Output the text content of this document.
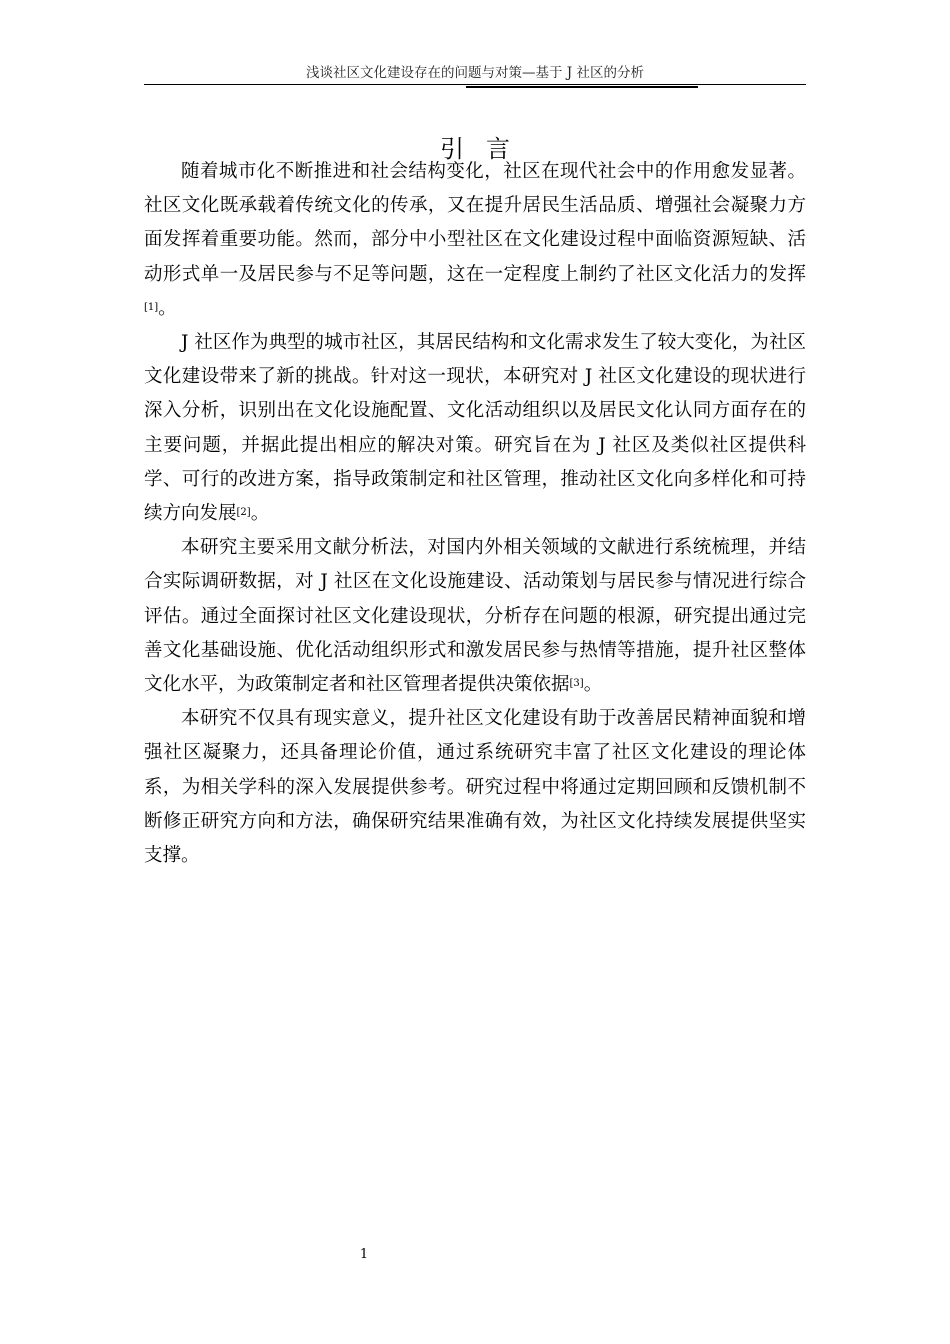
浅谈社区文化建设存在的问题与对策—基于 J 社区的分析
引言

随着城市化不断推进和社会结构变化，社区在现代社会中的作用愈发显著。社区文化既承载着传统文化的传承，又在提升居民生活品质、增强社会凝聚力方面发挥着重要功能。然而，部分中小型社区在文化建设过程中面临资源短缺、活动形式单一及居民参与不足等问题，这在一定程度上制约了社区文化活力的发挥[1]。

J 社区作为典型的城市社区，其居民结构和文化需求发生了较大变化，为社区文化建设带来了新的挑战。针对这一现状，本研究对 J 社区文化建设的现状进行深入分析，识别出在文化设施配置、文化活动组织以及居民文化认同方面存在的主要问题，并据此提出相应的解决对策。研究旨在为 J 社区及类似社区提供科学、可行的改进方案，指导政策制定和社区管理，推动社区文化向多样化和可持续方向发展[2]。

本研究主要采用文献分析法，对国内外相关领域的文献进行系统梳理，并结合实际调研数据，对 J 社区在文化设施建设、活动策划与居民参与情况进行综合评估。通过全面探讨社区文化建设现状，分析存在问题的根源，研究提出通过完善文化基础设施、优化活动组织形式和激发居民参与热情等措施，提升社区整体文化水平，为政策制定者和社区管理者提供决策依据[3]。

本研究不仅具有现实意义，提升社区文化建设有助于改善居民精神面貌和增强社区凝聚力，还具备理论价值，通过系统研究丰富了社区文化建设的理论体系，为相关学科的深入发展提供参考。研究过程中将通过定期回顾和反馈机制不断修正研究方向和方法，确保研究结果准确有效，为社区文化持续发展提供坚实支撑。

1
